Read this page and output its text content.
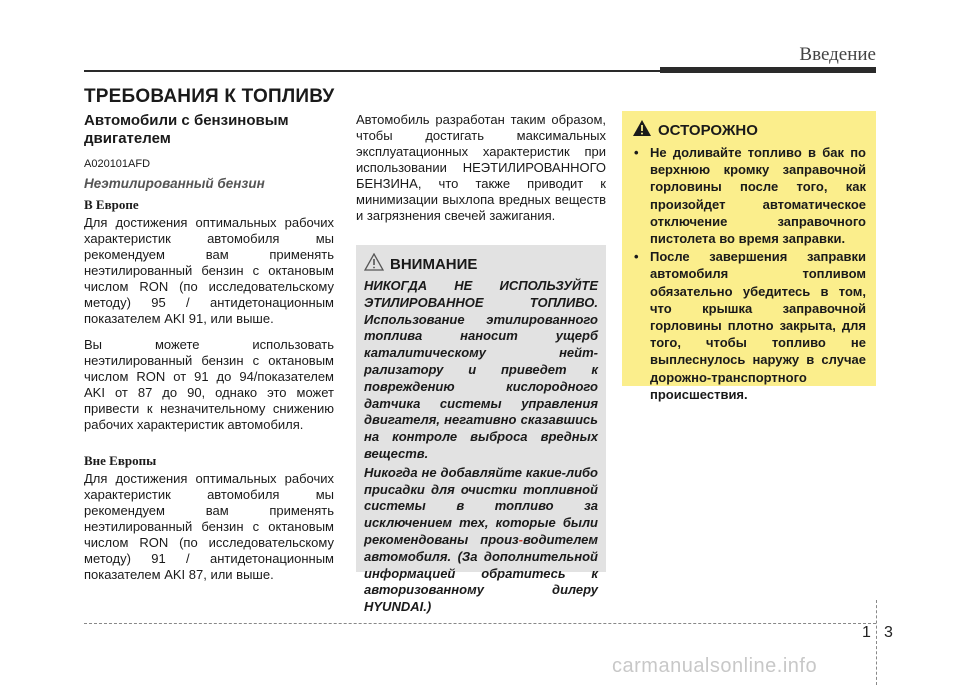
Введение
ТРЕБОВАНИЯ К ТОПЛИВУ
Автомобили с бензиновым двигателем
A020101AFD
Неэтилированный бензин
В Европе

Для достижения оптимальных рабочих характеристик автомобиля мы рекомендуем вам применять неэтилированный бензин с октановым числом RON (по исследовательскому методу) 95 / антидетонационным показателем AKI 91, или выше.

Вы можете использовать неэтилированный бензин с октановым числом RON от 91 до 94/показателем AKI от 87 до 90, однако это может привести к незначительному снижению рабочих характеристик автомобиля.

Вне Европы

Для достижения оптимальных рабочих характеристик автомобиля мы рекомендуем вам применять неэтилированный бензин с октановым числом RON (по исследовательскому методу) 91 / антидетонационным показателем AKI 87, или выше.

Автомобиль разработан таким образом, чтобы достигать максимальных эксплуатационных характеристик при использовании НЕЭТИЛИРОВАННОГО БЕНЗИНА, что также приводит к минимизации выхлопа вредных веществ и загрязнения свечей зажигания.

ВНИМАНИЕ

НИКОГДА НЕ ИСПОЛЬЗУЙТЕ ЭТИЛИРОВАННОЕ ТОПЛИВО. Использование этилированного топлива наносит ущерб каталитическому нейт-рализатору и приведет к повреждению кислородного датчика системы управления двигателя, негативно сказавшись на контроле выброса вредных веществ.

Никогда не добавляйте какие-либо присадки для очистки топливной системы в топливо за исключением тех, которые были рекомендованы произ-водителем автомобиля. (За дополнительной информацией обратитесь к авторизованному дилеру HYUNDAI.)

ОСТОРОЖНО
• Не доливайте топливо в бак по верхнюю кромку заправочной горловины после того, как произойдет автоматическое отключение заправочного пистолета во время заправки.
• После завершения заправки автомобиля топливом обязательно убедитесь в том, что крышка заправочной горловины плотно закрыта, для того, чтобы топливо не выплеснулось наружу в случае дорожно-транспортного происшествия.
1 3
carmanualsonline.info
